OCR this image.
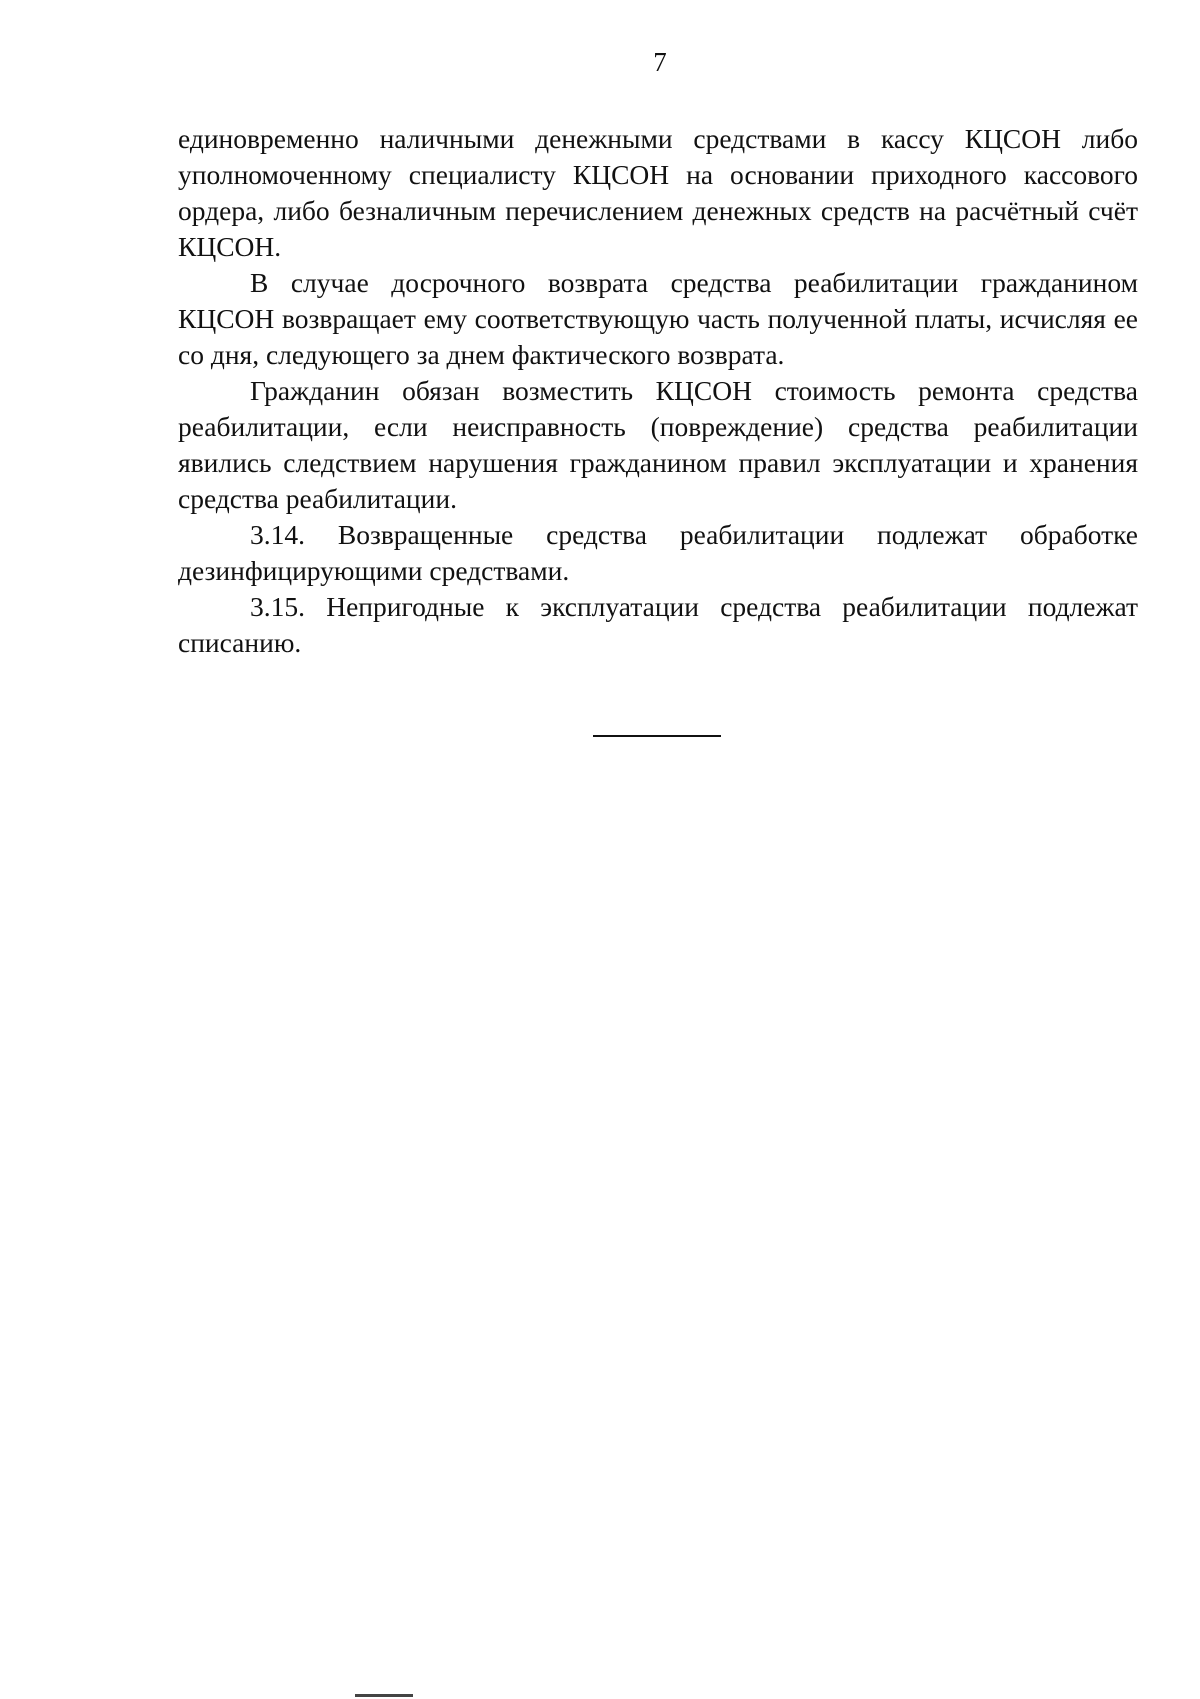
7

единовременно наличными денежными средствами в кассу КЦСОН либо уполномоченному специалисту КЦСОН на основании приходного кассового ордера, либо безналичным перечислением денежных средств на расчётный счёт КЦСОН.

В случае досрочного возврата средства реабилитации гражданином КЦСОН возвращает ему соответствующую часть полученной платы, исчисляя ее со дня, следующего за днем фактического возврата.

Гражданин обязан возместить КЦСОН стоимость ремонта средства реабилитации, если неисправность (повреждение) средства реабилитации явились следствием нарушения гражданином правил эксплуатации и хранения средства реабилитации.

3.14. Возвращенные средства реабилитации подлежат обработке дезинфицирующими средствами.

3.15. Непригодные к эксплуатации средства реабилитации подлежат списанию.
